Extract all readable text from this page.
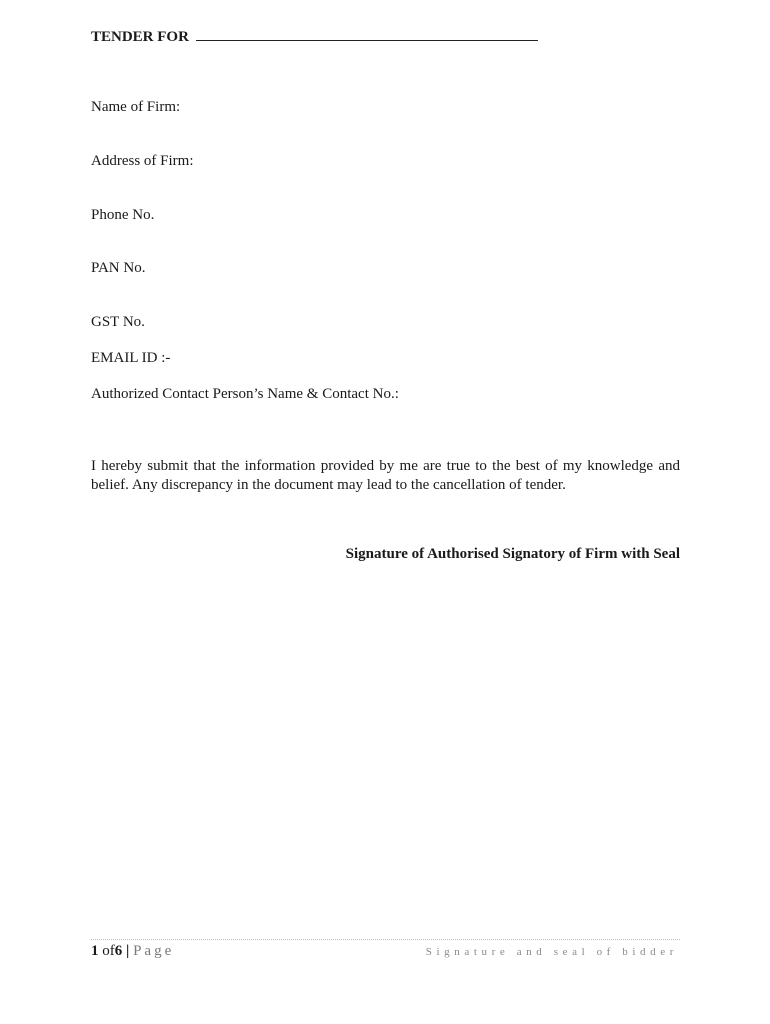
TENDER FOR
Name of Firm:
Address of Firm:
Phone No.
PAN No.
GST No.
EMAIL ID :-
Authorized Contact Person’s Name & Contact No.:
I hereby submit that the information provided by me are true to the best of my knowledge and belief. Any discrepancy in the document may lead to the cancellation of tender.
Signature of Authorised Signatory of Firm with Seal
1 of6 | Page	Signature and seal of bidder
